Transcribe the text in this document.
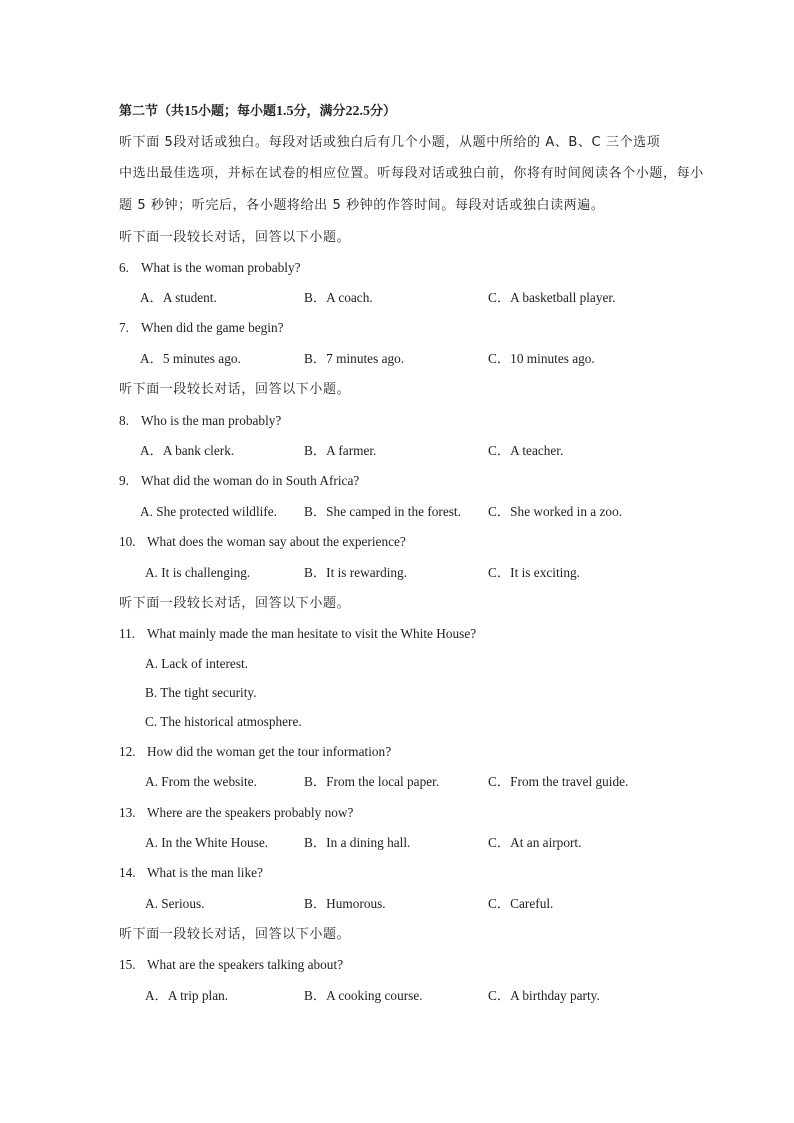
第二节（共15小题；每小题1.5分，满分22.5分）
听下面 5段对话或独白。每段对话或独白后有几个小题，从题中所给的 A、B、C 三个选项
中选出最佳选项，并标在试卷的相应位置。听每段对话或独白前，你将有时间阅读各个小题，每小
题 5 秒钟；听完后，各小题将给出 5 秒钟的作答时间。每段对话或独白读两遍。
听下面一段较长对话，回答以下小题。
6. What is the woman probably?
A．A student.	B．A coach.	C．A basketball player.
7. When did the game begin?
A．5 minutes ago.	B．7 minutes ago.	C．10 minutes ago.
听下面一段较长对话，回答以下小题。
8. Who is the man probably?
A．A bank clerk.	B．A farmer.	C．A teacher.
9. What did the woman do in South Africa?
A. She protected wildlife. B．She camped in the forest. C．She worked in a zoo.
10. What does the woman say about the experience?
A. It is challenging.	B．It is rewarding.	C．It is exciting.
听下面一段较长对话，回答以下小题。
11. What mainly made the man hesitate to visit the White House?
A. Lack of interest.
B. The tight security.
C. The historical atmosphere.
12. How did the woman get the tour information?
A. From the website.	B．From the local paper.	C．From the travel guide.
13. Where are the speakers probably now?
A. In the White House.	B．In a dining hall.	C．At an airport.
14. What is the man like?
A. Serious.	B．Humorous.	C．Careful.
听下面一段较长对话，回答以下小题。
15. What are the speakers talking about?
A．A trip plan.	B．A cooking course.	C．A birthday party.
